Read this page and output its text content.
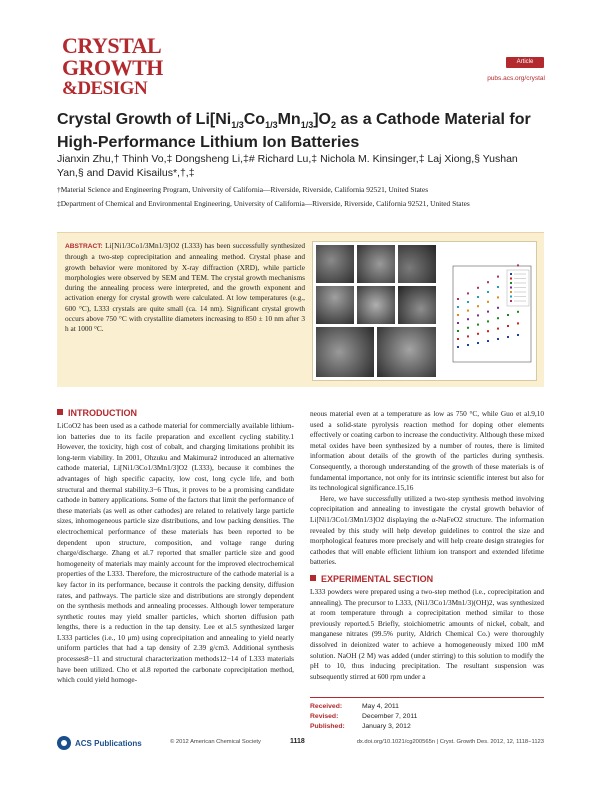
CRYSTAL
GROWTH
&DESIGN
Article
pubs.acs.org/crystal
Crystal Growth of $Li[Ni_{1/3}Co_{1/3}Mn_{1/3}]O_2$ as a Cathode Material for High-Performance Lithium Ion Batteries
Jianxin Zhu,† Thinh Vo,‡ Dongsheng Li,‡# Richard Lu,‡ Nichola M. Kinsinger,‡ Laj Xiong,§ Yushan Yan,§ and David Kisailus*,†,‡
†Material Science and Engineering Program, University of California—Riverside, Riverside, California 92521, United States
‡Department of Chemical and Environmental Engineering, University of California—Riverside, Riverside, California 92521, United States
ABSTRACT: Li[Ni1/3Co1/3Mn1/3]O2 (L333) has been successfully synthesized through a two-step coprecipitation and annealing method. Crystal phase and growth behavior were monitored by X-ray diffraction (XRD), while particle morphologies were observed by SEM and TEM. The crystal growth mechanisms during the annealing process were interpreted, and the growth exponent and activation energy for crystal growth were calculated. At low temperatures (e.g., 600 °C), L333 crystals are quite small (ca. 14 nm). Significant crystal growth occurs above 750 °C with crystallite diameters increasing to 850 ± 10 nm after 3 h at 1000 °C.
INTRODUCTION

LiCoO2 has been used as a cathode material for commercially available lithium-ion batteries due to its facile preparation and excellent cycling stability.1 However, the toxicity, high cost of cobalt, and charging limitations prohibit its long-term viability. In 2001, Ohzuku and Makimura2 introduced an alternative cathode material, Li[Ni1/3Co1/3Mn1/3]O2 (L333), because it combines the advantages of high specific capacity, low cost, long cycle life, and both structural and thermal stability.3−6 Thus, it proves to be a promising candidate cathode in battery applications. Some of the factors that limit the performance of these materials (as well as other cathodes) are related to relatively large particle sizes, inhomogeneous particle size distributions, and low packing densities. The electrochemical performance of these materials has been reported to be dependent upon structure, composition, and voltage range during charge/discharge. Zhang et al.7 reported that smaller particle size and good homogeneity of materials may mainly account for the improved electrochemical properties of the L333. Therefore, the microstructure of the cathode material is a key factor in its performance, because it controls the packing density, diffusion rates, and pathways. The particle size and distributions are strongly dependent on the synthesis methods and annealing processes. Although lower temperature synthetic routes may yield smaller particles, which shorten diffusion path lengths, there is a reduction in the tap density. Lee et al.5 synthesized larger L333 particles (i.e., 10 μm) using coprecipitation and annealing to yield nearly uniform particles that had a tap density of 2.39 g/cm3. Additional synthesis processes8−11 and structural characterization methods12−14 of L333 materials have been utilized. Cho et al.8 reported the carbonate coprecipitation method, which could yield homoge-

neous material even at a temperature as low as 750 °C, while Guo et al.9,10 used a solid-state pyrolysis reaction method for doping other elements effectively or coating carbon to increase the conductivity. Although these mixed metal oxides have been synthesized by a number of routes, there is limited information about details of the growth of the particles during synthesis. Consequently, a thorough understanding of the growth of these materials is of fundamental importance, not only for its intrinsic scientific interest but also for its technological significance.15,16

Here, we have successfully utilized a two-step synthesis method involving coprecipitation and annealing to investigate the crystal growth behavior of Li[Ni1/3Co1/3Mn1/3]O2 displaying the α-NaFeO2 structure. The information revealed by this study will help develop guidelines to control the size and morphological features more precisely and will help create design strategies for cathodes that will enable efficient lithium ion transport and extended lifetime batteries.

EXPERIMENTAL SECTION

L333 powders were prepared using a two-step method (i.e., coprecipitation and annealing). The precursor to L333, (Ni1/3Co1/3Mn1/3)(OH)2, was synthesized at room temperature through a coprecipitation method similar to those previously reported.5 Briefly, stoichiometric amounts of nickel, cobalt, and manganese nitrates (99.5% purity, Aldrich Chemical Co.) were thoroughly dissolved in deionized water to achieve a homogeneously mixed 100 mM solution. NaOH (2 M) was added (under stirring) to this solution to modify the pH to 10, thus inducing precipitation. The resultant suspension was subsequently stirred at 600 rpm under a

Received:	May 4, 2011
Revised:	December 7, 2011
Published:	January 3, 2012
ACS Publications	© 2012 American Chemical Society	1118	dx.doi.org/10.1021/cg200565n | Cryst. Growth Des. 2012, 12, 1118−1123
